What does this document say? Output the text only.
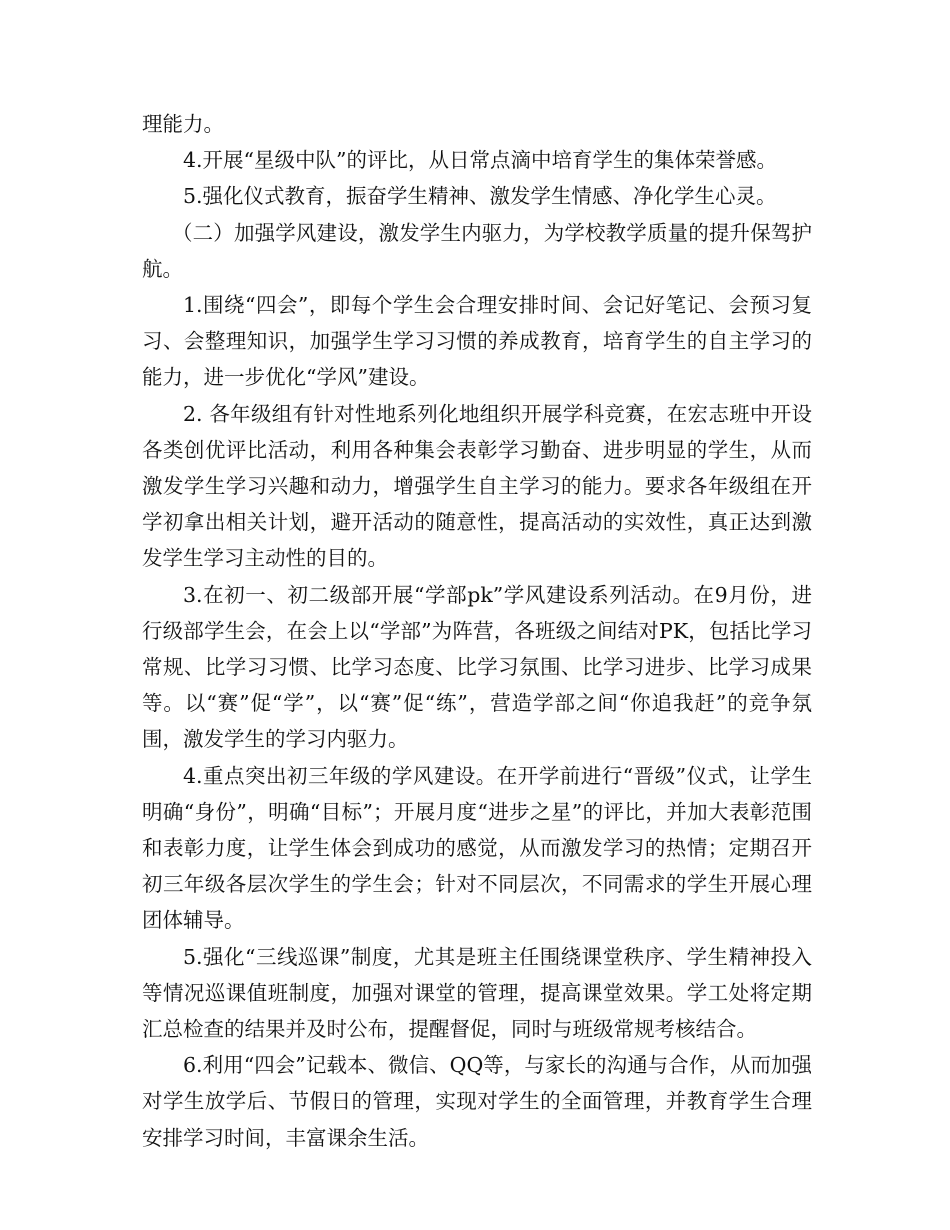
理能力。

4.开展“星级中队”的评比，从日常点滴中培育学生的集体荣誉感。

5.强化仪式教育，振奋学生精神、激发学生情感、净化学生心灵。

（二）加强学风建设，激发学生内驱力，为学校教学质量的提升保驾护航。

1.围绕“四会”，即每个学生会合理安排时间、会记好笔记、会预习复习、会整理知识，加强学生学习习惯的养成教育，培育学生的自主学习的能力，进一步优化“学风”建设。

2. 各年级组有针对性地系列化地组织开展学科竞赛，在宏志班中开设各类创优评比活动，利用各种集会表彰学习勤奋、进步明显的学生，从而激发学生学习兴趣和动力，增强学生自主学习的能力。要求各年级组在开学初拿出相关计划，避开活动的随意性，提高活动的实效性，真正达到激发学生学习主动性的目的。

3.在初一、初二级部开展“学部pk”学风建设系列活动。在9月份，进行级部学生会，在会上以“学部”为阵营，各班级之间结对PK，包括比学习常规、比学习习惯、比学习态度、比学习氛围、比学习进步、比学习成果等。以“赛”促“学”，以“赛”促“练”，营造学部之间“你追我赶”的竞争氛围，激发学生的学习内驱力。

4.重点突出初三年级的学风建设。在开学前进行“晋级”仪式，让学生明确“身份”，明确“目标”；开展月度“进步之星”的评比，并加大表彰范围和表彰力度，让学生体会到成功的感觉，从而激发学习的热情；定期召开初三年级各层次学生的学生会；针对不同层次，不同需求的学生开展心理团体辅导。

5.强化“三线巡课”制度，尤其是班主任围绕课堂秩序、学生精神投入等情况巡课值班制度，加强对课堂的管理，提高课堂效果。学工处将定期汇总检查的结果并及时公布，提醒督促，同时与班级常规考核结合。

6.利用“四会”记载本、微信、QQ等，与家长的沟通与合作，从而加强对学生放学后、节假日的管理，实现对学生的全面管理，并教育学生合理安排学习时间，丰富课余生活。
